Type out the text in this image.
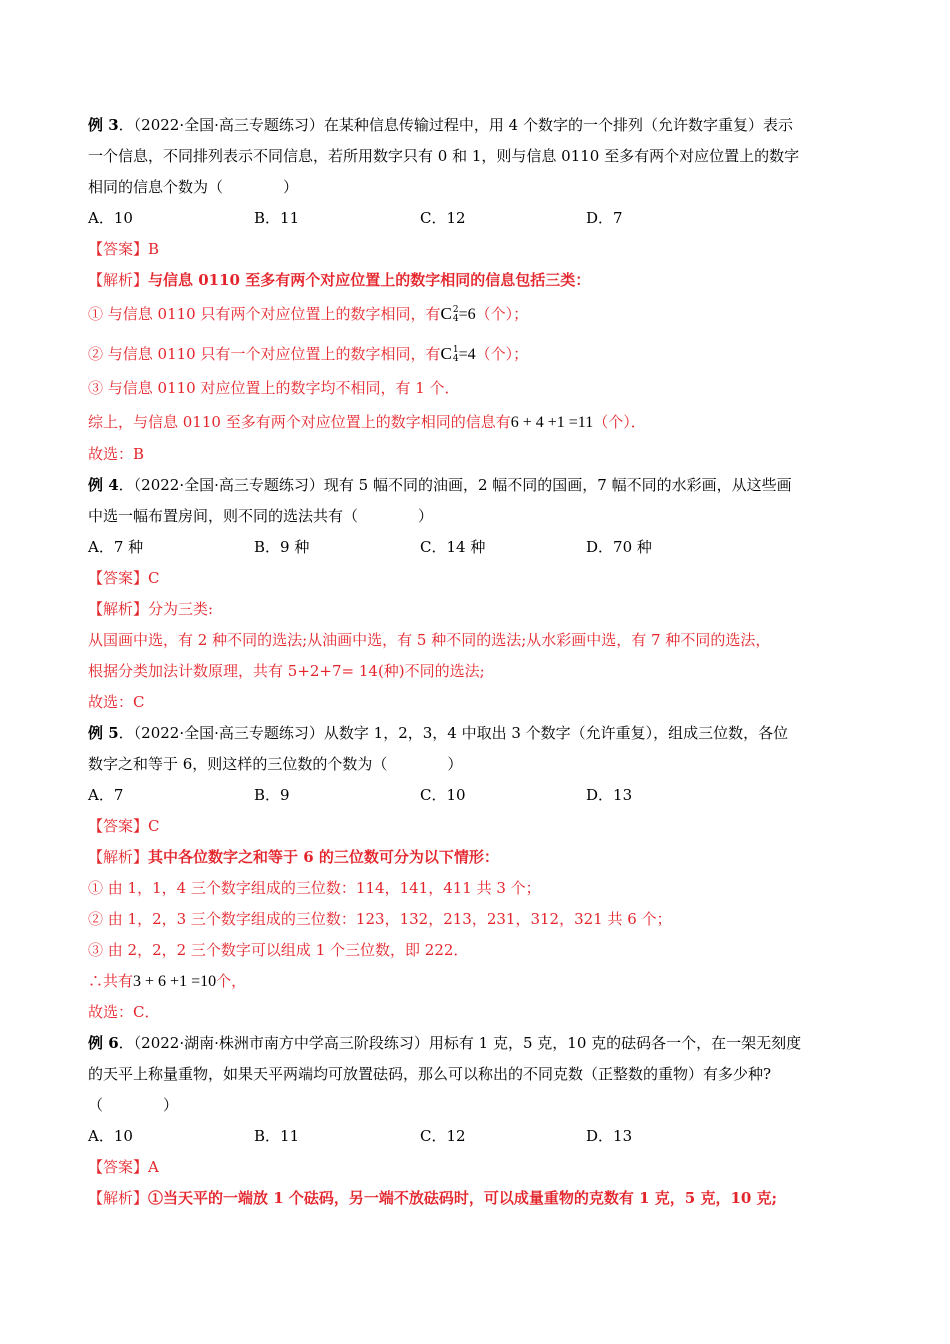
例 3．（2022·全国·高三专题练习）在某种信息传输过程中，用 4 个数字的一个排列（允许数字重复）表示
一个信息，不同排列表示不同信息，若所用数字只有 0 和 1，则与信息 0110 至多有两个对应位置上的数字
相同的信息个数为（　　　　）
A．10	B．11	C．12	D．7
【答案】B
【解析】与信息 0110 至多有两个对应位置上的数字相同的信息包括三类：
① 与信息 0110 只有两个对应位置上的数字相同，有C 2
4 =6（个）；
② 与信息 0110 只有一个对应位置上的数字相同，有C 1
4 =4（个）；
③ 与信息 0110 对应位置上的数字均不相同，有 1 个．
综上，与信息 0110 至多有两个对应位置上的数字相同的信息有6 + 4 +1 =11（个）．
故选：B
例 4．（2022·全国·高三专题练习）现有 5 幅不同的油画，2 幅不同的国画，7 幅不同的水彩画，从这些画
中选一幅布置房间，则不同的选法共有（　　　　）
A．7 种	B．9 种	C．14 种	D．70 种
【答案】C
【解析】分为三类:
从国画中选，有 2 种不同的选法;从油画中选，有 5 种不同的选法;从水彩画中选，有 7 种不同的选法，
根据分类加法计数原理，共有 5+2+7= 14(种)不同的选法;
故选：C
例 5．（2022·全国·高三专题练习）从数字 1，2，3，4 中取出 3 个数字（允许重复），组成三位数，各位
数字之和等于 6，则这样的三位数的个数为（　　　　）
A．7	B．9	C．10	D．13
【答案】C
【解析】其中各位数字之和等于 6 的三位数可分为以下情形：
① 由 1，1，4 三个数字组成的三位数：114，141，411 共 3 个；
② 由 1，2，3 三个数字组成的三位数：123，132，213，231，312，321 共 6 个；
③ 由 2，2，2 三个数字可以组成 1 个三位数，即 222．
∴共有3 + 6 +1 =10个，
故选：C．
例 6．（2022·湖南·株洲市南方中学高三阶段练习）用标有 1 克，5 克，10 克的砝码各一个，在一架无刻度
的天平上称量重物，如果天平两端均可放置砝码，那么可以称出的不同克数（正整数的重物）有多少种?
（　　　　）
A．10	B．11	C．12	D．13
【答案】A
【解析】①当天平的一端放 1 个砝码，另一端不放砝码时，可以成量重物的克数有 1 克，5 克，10 克;
